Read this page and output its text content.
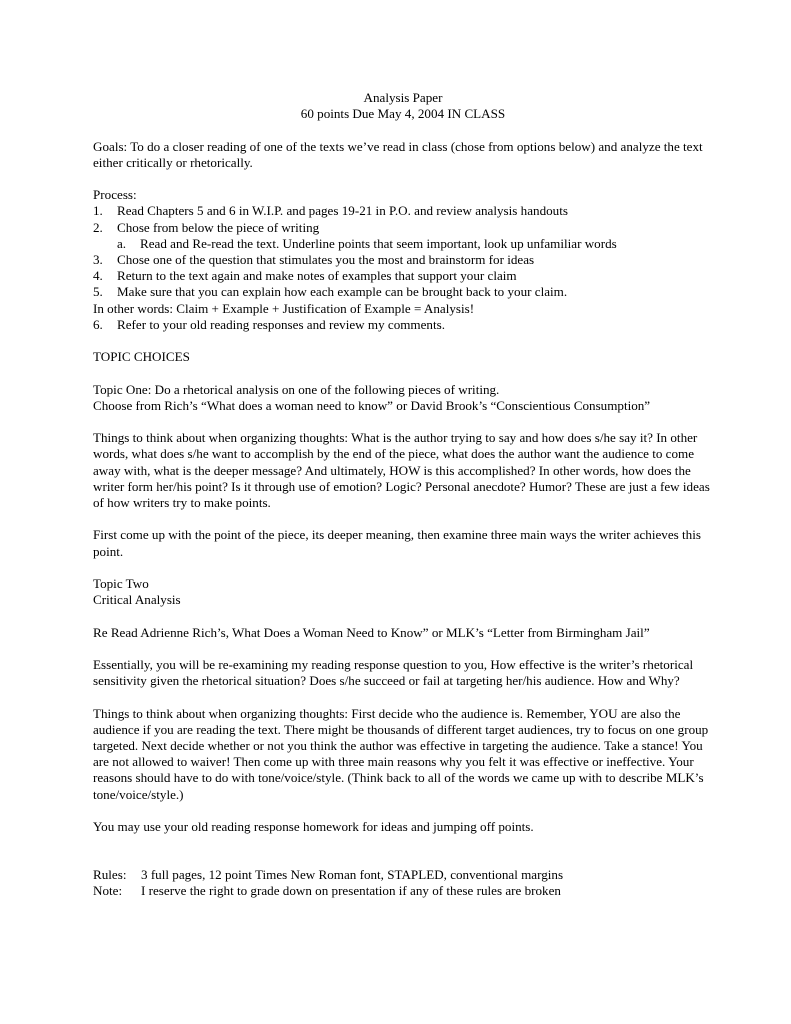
Analysis Paper

60 points Due May 4, 2004 IN CLASS

Goals: To do a closer reading of one of the texts we’ve read in class (chose from options below) and analyze the text either critically or rhetorically.

Process:

1.	Read Chapters 5 and 6 in W.I.P. and pages 19-21 in P.O. and review analysis handouts
2.	Chose from below the piece of writing
a.	Read and Re-read the text. Underline points that seem important, look up unfamiliar words
3.	Chose one of the question that stimulates you the most and brainstorm for ideas
4.	Return to the text again and make notes of examples that support your claim
5.	Make sure that you can explain how each example can be brought back to your claim.

In other words: Claim + Example + Justification of Example = Analysis!

6.	Refer to your old reading responses and review my comments.

TOPIC CHOICES

Topic One: Do a rhetorical analysis on one of the following pieces of writing.

Choose from Rich’s “What does a woman need to know” or David Brook’s “Conscientious Consumption”

Things to think about when organizing thoughts: What is the author trying to say and how does s/he say it? In other words, what does s/he want to accomplish by the end of the piece, what does the author want the audience to come away with, what is the deeper message? And ultimately, HOW is this accomplished? In other words, how does the writer form her/his point? Is it through use of emotion? Logic? Personal anecdote? Humor? These are just a few ideas of how writers try to make points.

First come up with the point of the piece, its deeper meaning, then examine three main ways the writer achieves this point.

Topic Two

Critical Analysis

Re Read Adrienne Rich’s, What Does a Woman Need to Know” or MLK’s “Letter from Birmingham Jail”

Essentially, you will be re-examining my reading response question to you, How effective is the writer’s rhetorical sensitivity given the rhetorical situation? Does s/he succeed or fail at targeting her/his audience. How and Why?

Things to think about when organizing thoughts: First decide who the audience is. Remember, YOU are also the audience if you are reading the text. There might be thousands of different target audiences, try to focus on one group targeted. Next decide whether or not you think the author was effective in targeting the audience. Take a stance! You are not allowed to waiver! Then come up with three main reasons why you felt it was effective or ineffective. Your reasons should have to do with tone/voice/style. (Think back to all of the words we came up with to describe MLK’s tone/voice/style.)

You may use your old reading response homework for ideas and jumping off points.

Rules:	3 full pages, 12 point Times New Roman font, STAPLED, conventional margins
Note:	I reserve the right to grade down on presentation if any of these rules are broken
